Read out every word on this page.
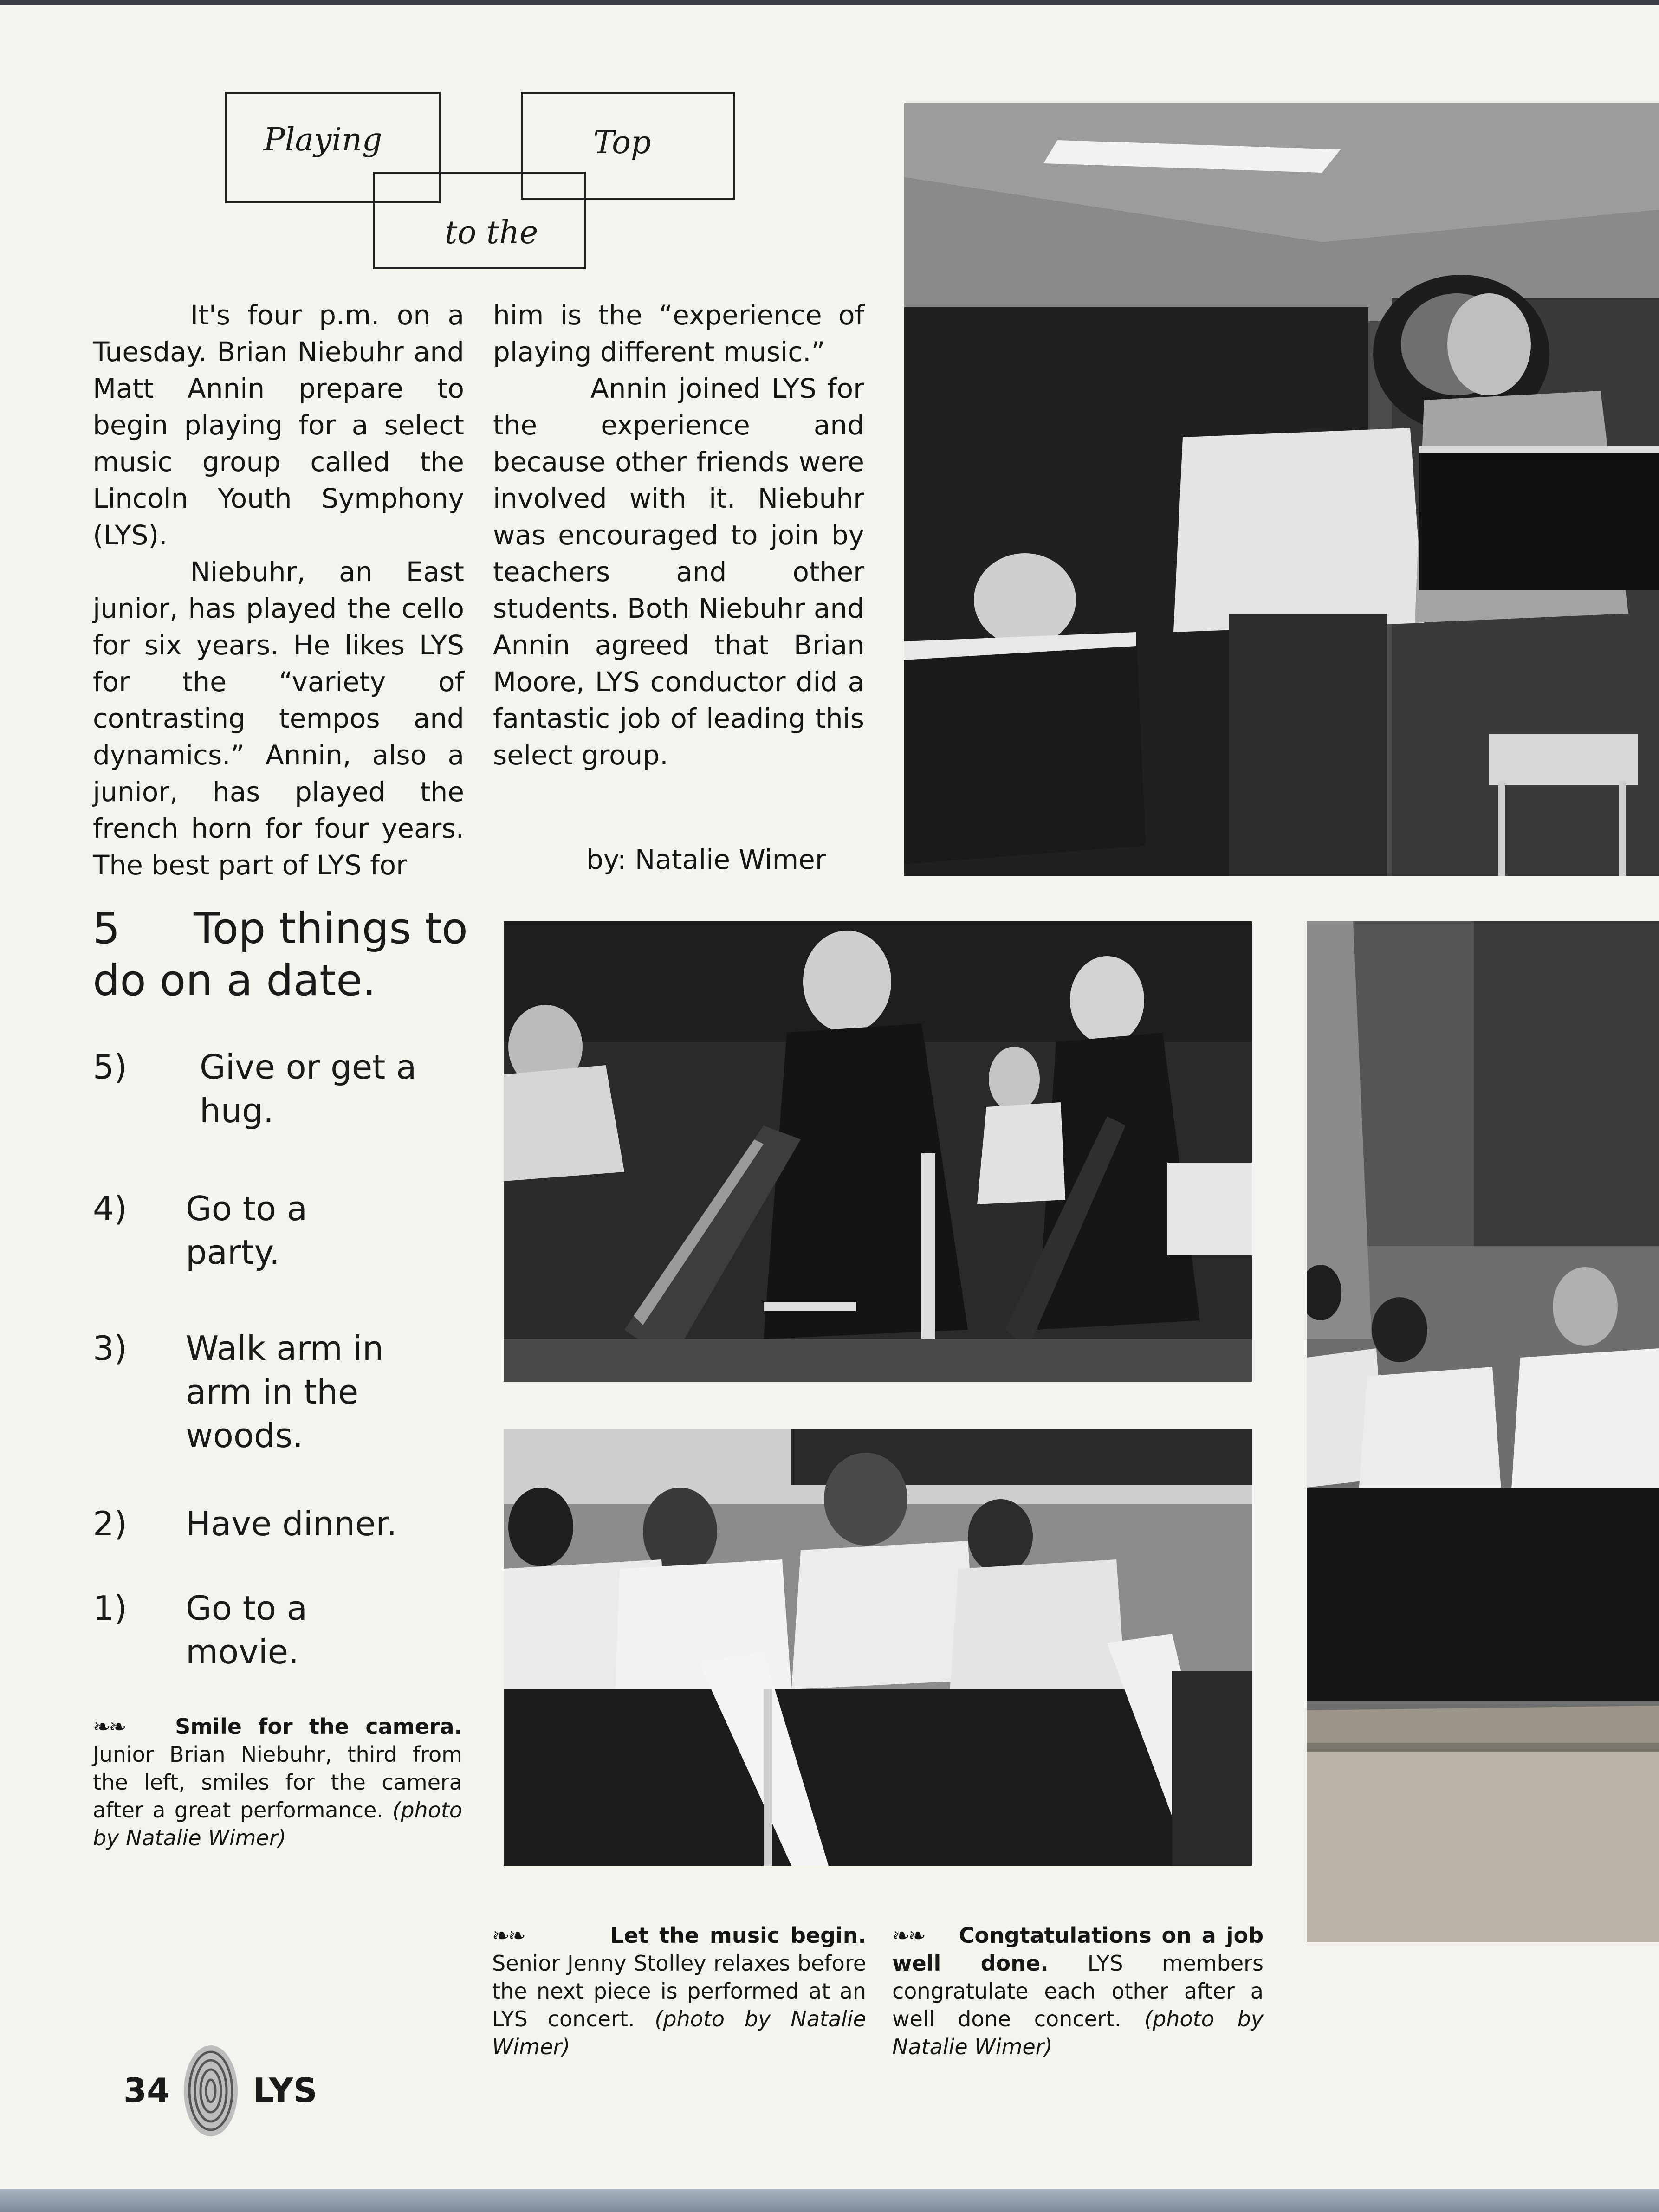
Playing	Top
to the

It's four p.m. on a Tuesday. Brian Niebuhr and Matt Annin prepare to begin playing for a select music group called the Lincoln Youth Symphony (LYS).

Niebuhr, an East junior, has played the cello for six years. He likes LYS for the “variety of contrasting tempos and dynamics.” Annin, also a junior, has played the french horn for four years. The best part of LYS for

him is the “experience of playing different music.”

Annin joined LYS for the experience and because other friends were involved with it. Niebuhr was encouraged to join by teachers and other students. Both Niebuhr and Annin agreed that Brian Moore, LYS conductor did a fantastic job of leading this select group.

by: Natalie Wimer
5 Top things to do on a date.
5) Give or get a hug.
4) Go to a party.
3) Walk arm in arm in the woods.
2) Have dinner.
1) Go to a movie.
❧❧ Smile for the camera. Junior Brian Niebuhr, third from the left, smiles for the camera after a great performance. (photo by Natalie Wimer)
❧❧	Let the music begin. Senior Jenny Stolley relaxes before the next piece is performed at an LYS concert. (photo by Natalie Wimer)
❧❧ Congtatulations on a job well done. LYS members congratulate each other after a well done concert. (photo by Natalie Wimer)
34 LYS
